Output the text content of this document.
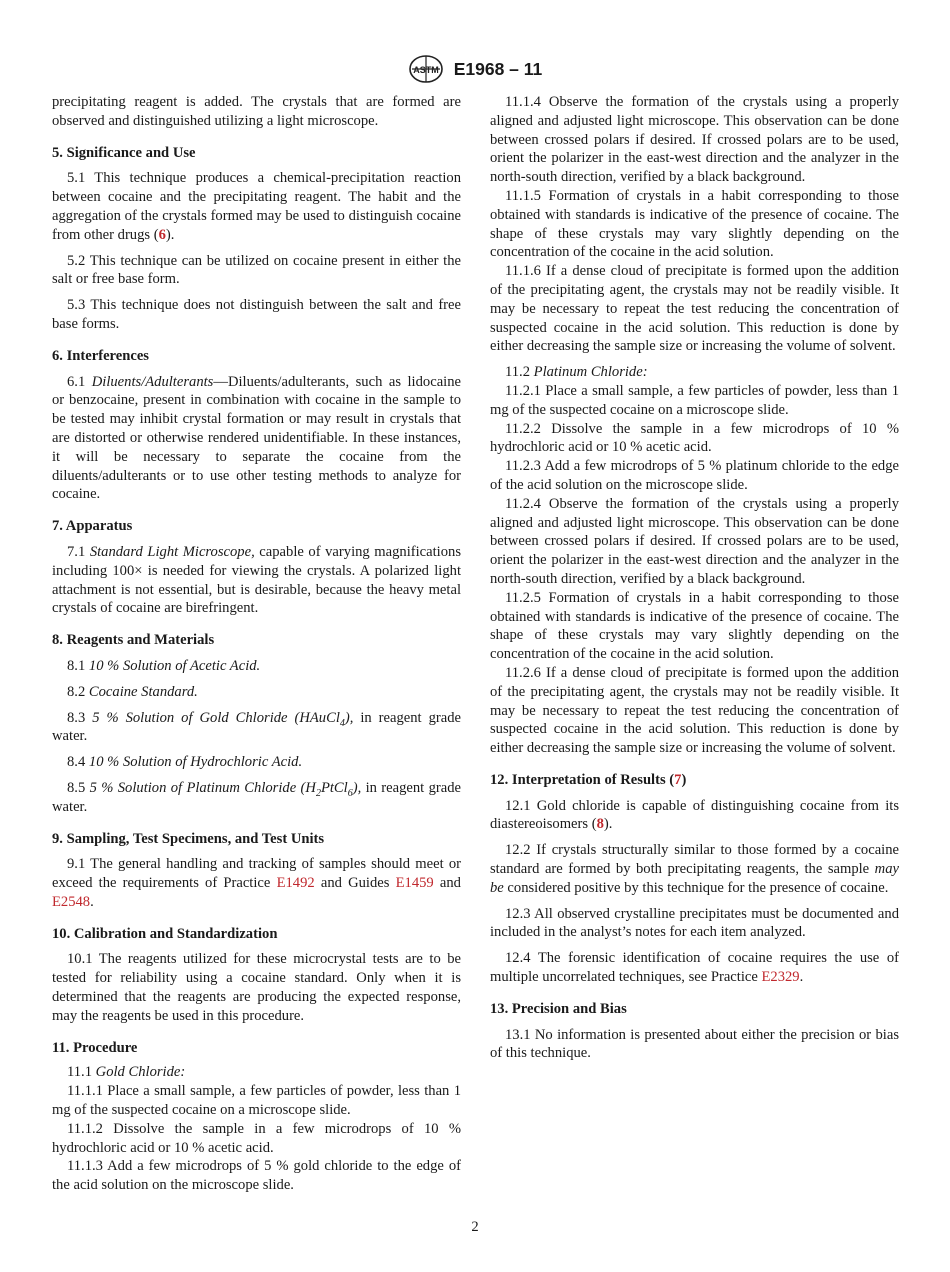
ASTM E1968 – 11

precipitating reagent is added. The crystals that are formed are observed and distinguished utilizing a light microscope.

5. Significance and Use

5.1 This technique produces a chemical-precipitation reaction between cocaine and the precipitating reagent. The habit and the aggregation of the crystals formed may be used to distinguish cocaine from other drugs (6).

5.2 This technique can be utilized on cocaine present in either the salt or free base form.

5.3 This technique does not distinguish between the salt and free base forms.

6. Interferences

6.1 Diluents/Adulterants—Diluents/adulterants, such as lidocaine or benzocaine, present in combination with cocaine in the sample to be tested may inhibit crystal formation or may result in crystals that are distorted or otherwise rendered unidentifiable. In these instances, it will be necessary to separate the cocaine from the diluents/adulterants or to use other testing methods to analyze for cocaine.

7. Apparatus

7.1 Standard Light Microscope, capable of varying magnifications including 100× is needed for viewing the crystals. A polarized light attachment is not essential, but is desirable, because the heavy metal crystals of cocaine are birefringent.

8. Reagents and Materials

8.1 10 % Solution of Acetic Acid.

8.2 Cocaine Standard.

8.3 5 % Solution of Gold Chloride (HAuCl$_4$), in reagent grade water.

8.4 10 % Solution of Hydrochloric Acid.

8.5 5 % Solution of Platinum Chloride $(H_2PtCl_6)$, in reagent grade water.

9. Sampling, Test Specimens, and Test Units

9.1 The general handling and tracking of samples should meet or exceed the requirements of Practice E1492 and Guides E1459 and E2548.

10. Calibration and Standardization

10.1 The reagents utilized for these microcrystal tests are to be tested for reliability using a cocaine standard. Only when it is determined that the reagents are producing the expected response, may the reagents be used in this procedure.

11. Procedure

11.1 Gold Chloride:

11.1.1 Place a small sample, a few particles of powder, less than 1 mg of the suspected cocaine on a microscope slide.

11.1.2 Dissolve the sample in a few microdrops of 10 % hydrochloric acid or 10 % acetic acid.

11.1.3 Add a few microdrops of 5 % gold chloride to the edge of the acid solution on the microscope slide.

11.1.4 Observe the formation of the crystals using a properly aligned and adjusted light microscope. This observation can be done between crossed polars if desired. If crossed polars are to be used, orient the polarizer in the east-west direction and the analyzer in the north-south direction, verified by a black background.

11.1.5 Formation of crystals in a habit corresponding to those obtained with standards is indicative of the presence of cocaine. The shape of these crystals may vary slightly depending on the concentration of the cocaine in the acid solution.

11.1.6 If a dense cloud of precipitate is formed upon the addition of the precipitating agent, the crystals may not be readily visible. It may be necessary to repeat the test reducing the concentration of suspected cocaine in the acid solution. This reduction is done by either decreasing the sample size or increasing the volume of solvent.

11.2 Platinum Chloride:

11.2.1 Place a small sample, a few particles of powder, less than 1 mg of the suspected cocaine on a microscope slide.

11.2.2 Dissolve the sample in a few microdrops of 10 % hydrochloric acid or 10 % acetic acid.

11.2.3 Add a few microdrops of 5 % platinum chloride to the edge of the acid solution on the microscope slide.

11.2.4 Observe the formation of the crystals using a properly aligned and adjusted light microscope. This observation can be done between crossed polars if desired. If crossed polars are to be used, orient the polarizer in the east-west direction and the analyzer in the north-south direction, verified by a black background.

11.2.5 Formation of crystals in a habit corresponding to those obtained with standards is indicative of the presence of cocaine. The shape of these crystals may vary slightly depending on the concentration of the cocaine in the acid solution.

11.2.6 If a dense cloud of precipitate is formed upon the addition of the precipitating agent, the crystals may not be readily visible. It may be necessary to repeat the test reducing the concentration of suspected cocaine in the acid solution. This reduction is done by either decreasing the sample size or increasing the volume of solvent.

12. Interpretation of Results (7)

12.1 Gold chloride is capable of distinguishing cocaine from its diastereoisomers (8).

12.2 If crystals structurally similar to those formed by a cocaine standard are formed by both precipitating reagents, the sample may be considered positive by this technique for the presence of cocaine.

12.3 All observed crystalline precipitates must be documented and included in the analyst’s notes for each item analyzed.

12.4 The forensic identification of cocaine requires the use of multiple uncorrelated techniques, see Practice E2329.

13. Precision and Bias

13.1 No information is presented about either the precision or bias of this technique.

2
